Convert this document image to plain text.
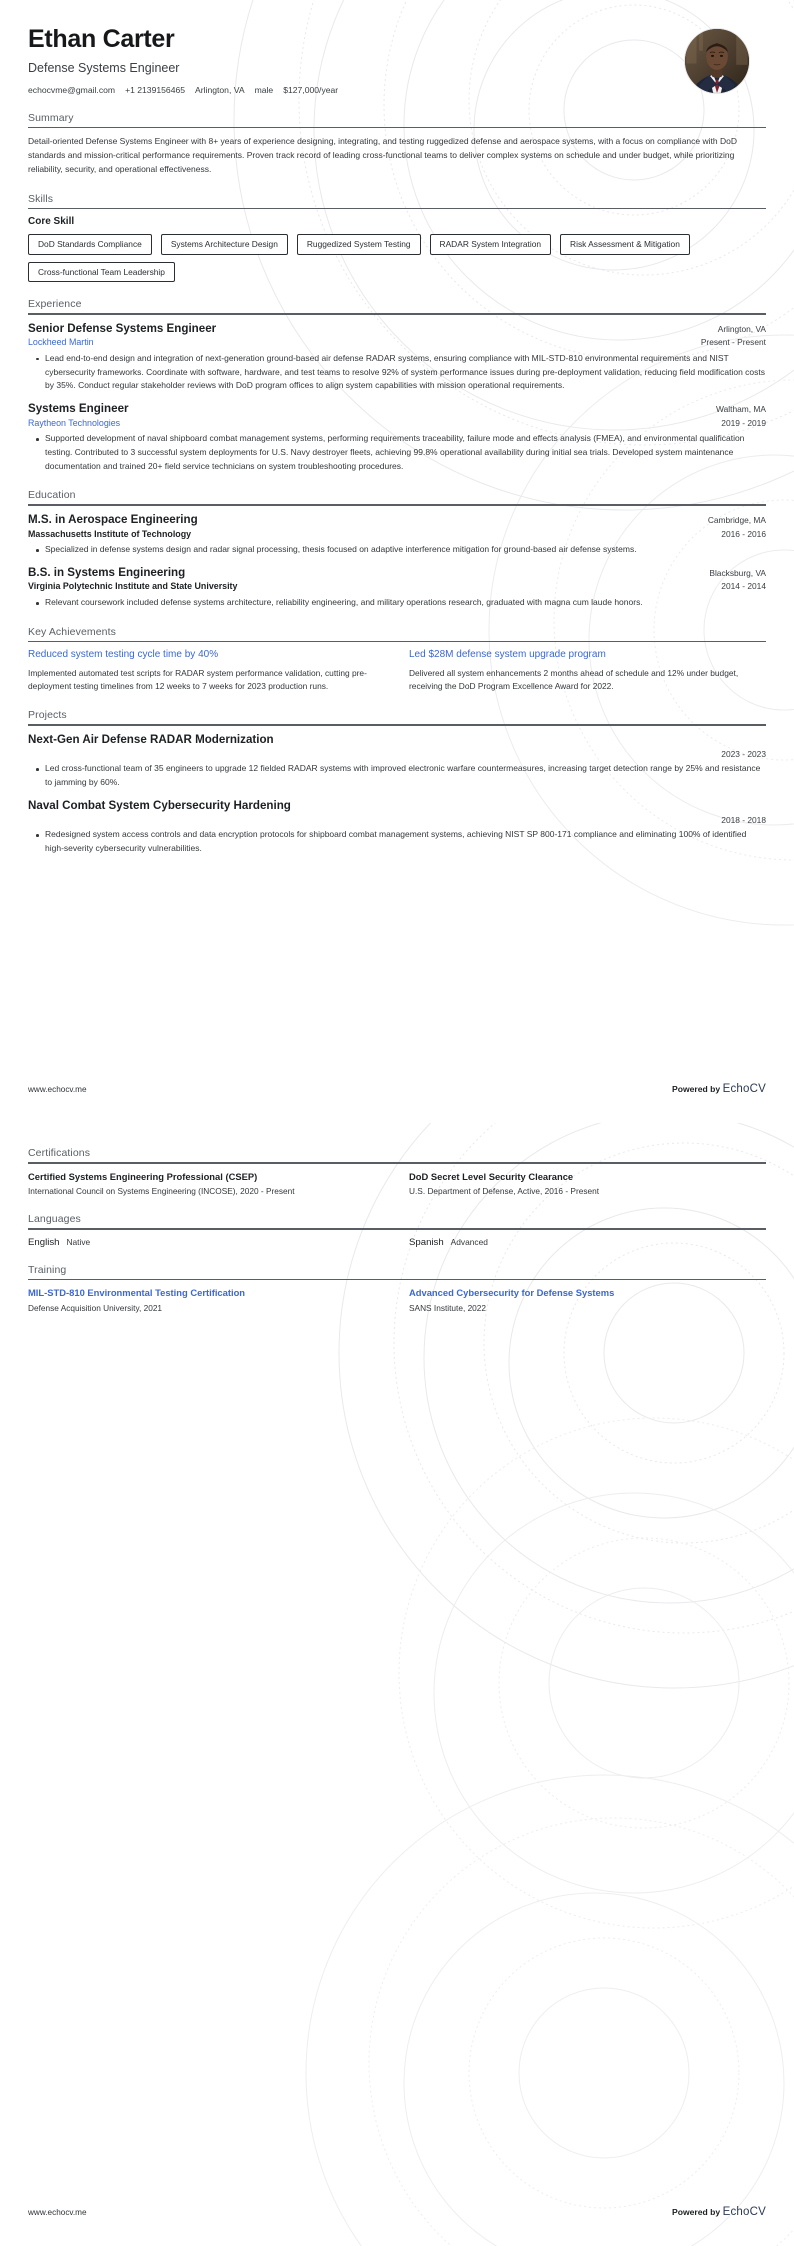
Ethan Carter
Defense Systems Engineer
echocvme@gmail.com +1 2139156465 Arlington, VA male $127,000/year
Summary
Detail-oriented Defense Systems Engineer with 8+ years of experience designing, integrating, and testing ruggedized defense and aerospace systems, with a focus on compliance with DoD standards and mission-critical performance requirements. Proven track record of leading cross-functional teams to deliver complex systems on schedule and under budget, while prioritizing reliability, security, and operational effectiveness.
Skills
Core Skill
DoD Standards Compliance	Systems Architecture Design	Ruggedized System Testing	RADAR System Integration	Risk Assessment & Mitigation
Cross-functional Team Leadership
Experience
Senior Defense Systems Engineer	Arlington, VA
Lockheed Martin	Present - Present
Lead end-to-end design and integration of next-generation ground-based air defense RADAR systems, ensuring compliance with MIL-STD-810 environmental requirements and NIST cybersecurity frameworks. Coordinate with software, hardware, and test teams to resolve 92% of system performance issues during pre-deployment validation, reducing field modification costs by 35%. Conduct regular stakeholder reviews with DoD program offices to align system capabilities with mission operational requirements.
Systems Engineer	Waltham, MA
Raytheon Technologies	2019 - 2019
Supported development of naval shipboard combat management systems, performing requirements traceability, failure mode and effects analysis (FMEA), and environmental qualification testing. Contributed to 3 successful system deployments for U.S. Navy destroyer fleets, achieving 99.8% operational availability during initial sea trials. Developed system maintenance documentation and trained 20+ field service technicians on system troubleshooting procedures.
Education
M.S. in Aerospace Engineering	Cambridge, MA
Massachusetts Institute of Technology	2016 - 2016
Specialized in defense systems design and radar signal processing, thesis focused on adaptive interference mitigation for ground-based air defense systems.
B.S. in Systems Engineering	Blacksburg, VA
Virginia Polytechnic Institute and State University	2014 - 2014
Relevant coursework included defense systems architecture, reliability engineering, and military operations research, graduated with magna cum laude honors.
Key Achievements
Reduced system testing cycle time by 40%
Implemented automated test scripts for RADAR system performance validation, cutting pre-deployment testing timelines from 12 weeks to 7 weeks for 2023 production runs.
Led $28M defense system upgrade program
Delivered all system enhancements 2 months ahead of schedule and 12% under budget, receiving the DoD Program Excellence Award for 2022.
Projects
Next-Gen Air Defense RADAR Modernization
2023 - 2023
Led cross-functional team of 35 engineers to upgrade 12 fielded RADAR systems with improved electronic warfare countermeasures, increasing target detection range by 25% and resistance to jamming by 60%.
Naval Combat System Cybersecurity Hardening
2018 - 2018
Redesigned system access controls and data encryption protocols for shipboard combat management systems, achieving NIST SP 800-171 compliance and eliminating 100% of identified high-severity cybersecurity vulnerabilities.
www.echocv.me	Powered by EchoCV
Certifications
Certified Systems Engineering Professional (CSEP)
International Council on Systems Engineering (INCOSE), 2020 - Present
DoD Secret Level Security Clearance
U.S. Department of Defense, Active, 2016 - Present
Languages
English Native	Spanish Advanced
Training
MIL-STD-810 Environmental Testing Certification
Defense Acquisition University, 2021
Advanced Cybersecurity for Defense Systems
SANS Institute, 2022
www.echocv.me	Powered by EchoCV
